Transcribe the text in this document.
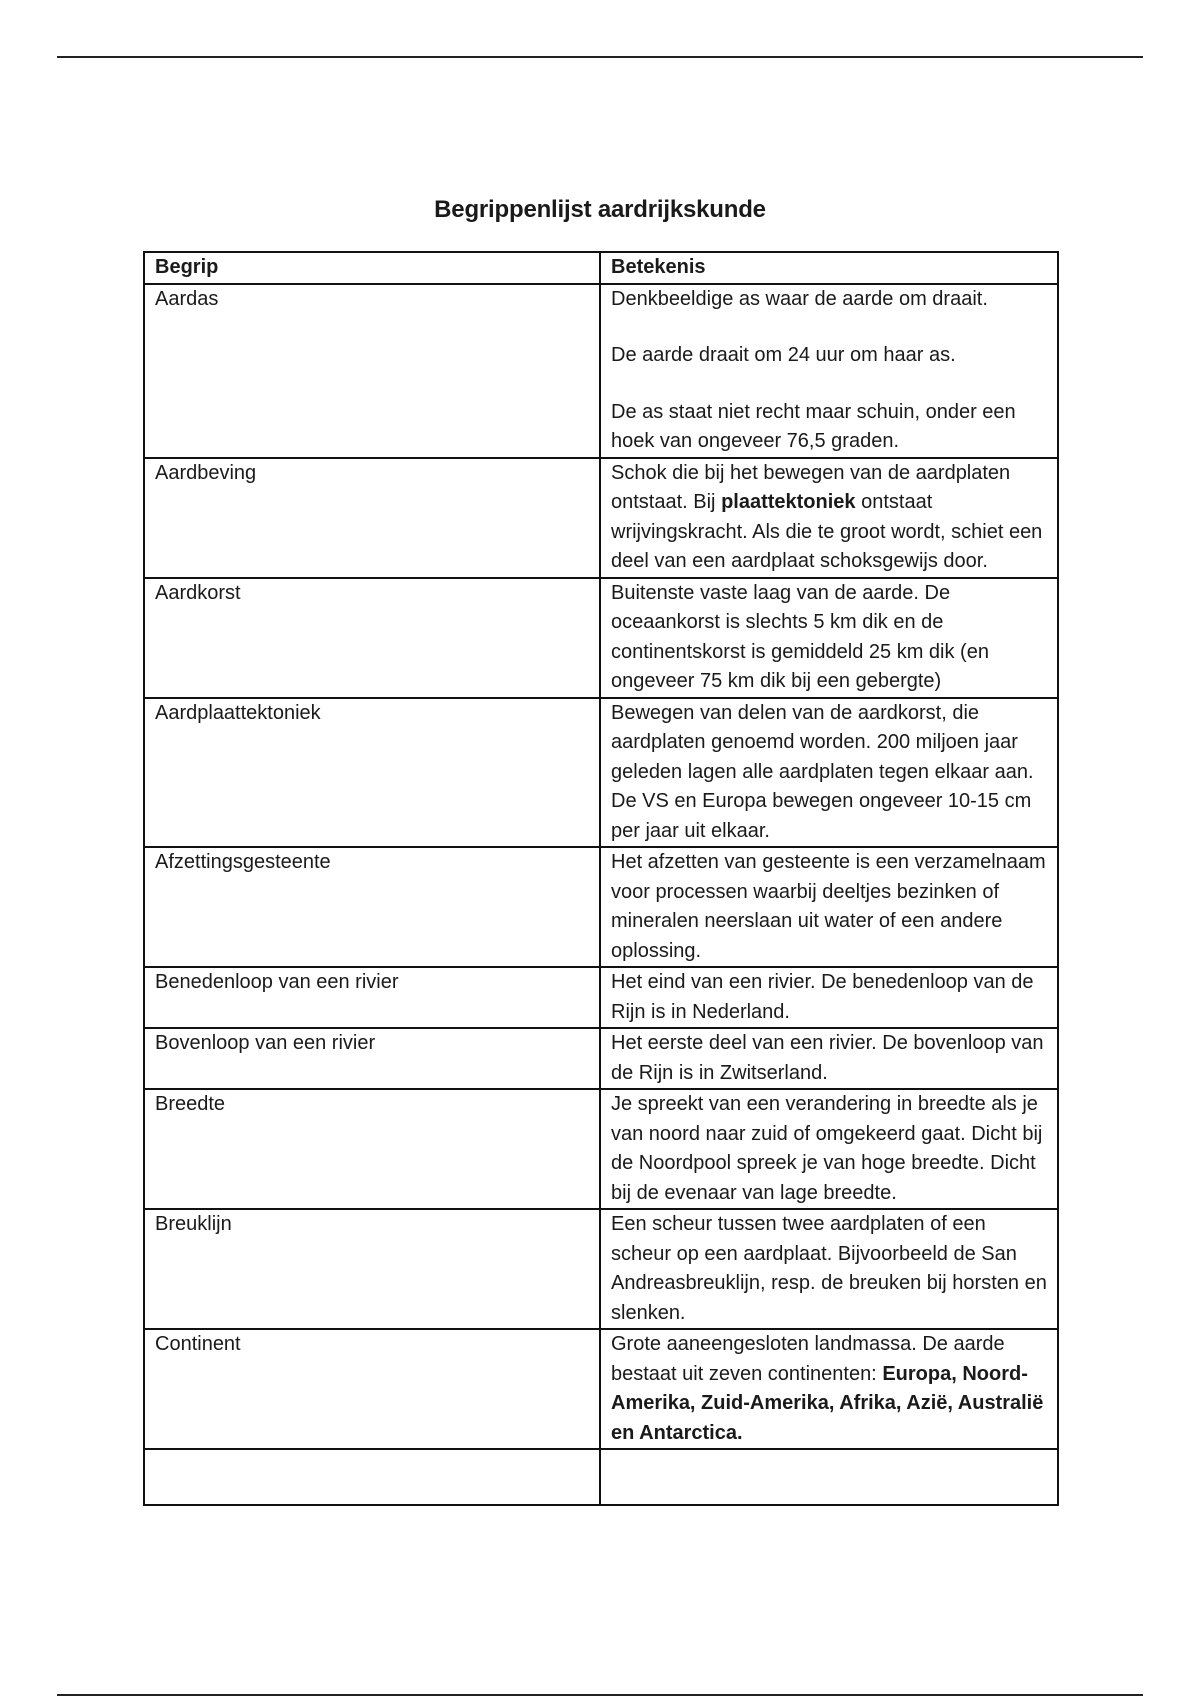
Begrippenlijst aardrijkskunde
Begrip	Betekenis
Aardas	Denkbeeldige as waar de aarde om draait.

De aarde draait om 24 uur om haar as.

De as staat niet recht maar schuin, onder een hoek van ongeveer 76,5 graden.

Aardbeving	Schok die bij het bewegen van de aardplaten ontstaat. Bij plaattektoniek ontstaat wrijvingskracht. Als die te groot wordt, schiet een deel van een aardplaat schoksgewijs door.
Aardkorst	Buitenste vaste laag van de aarde. De oceaankorst is slechts 5 km dik en de continentskorst is gemiddeld 25 km dik (en ongeveer 75 km dik bij een gebergte)
Aardplaattektoniek	Bewegen van delen van de aardkorst, die aardplaten genoemd worden. 200 miljoen jaar geleden lagen alle aardplaten tegen elkaar aan. De VS en Europa bewegen ongeveer 10-15 cm per jaar uit elkaar.
Afzettingsgesteente	Het afzetten van gesteente is een verzamelnaam voor processen waarbij deeltjes bezinken of mineralen neerslaan uit water of een andere oplossing.
Benedenloop van een rivier	Het eind van een rivier. De benedenloop van de Rijn is in Nederland.
Bovenloop van een rivier	Het eerste deel van een rivier. De bovenloop van de Rijn is in Zwitserland.
Breedte	Je spreekt van een verandering in breedte als je van noord naar zuid of omgekeerd gaat. Dicht bij de Noordpool spreek je van hoge breedte. Dicht bij de evenaar van lage breedte.
Breuklijn	Een scheur tussen twee aardplaten of een scheur op een aardplaat. Bijvoorbeeld de San Andreasbreuklijn, resp. de breuken bij horsten en slenken.
Continent	Grote aaneengesloten landmassa. De aarde bestaat uit zeven continenten: Europa, Noord-Amerika, Zuid-Amerika, Afrika, Azië, Australië en Antarctica.
